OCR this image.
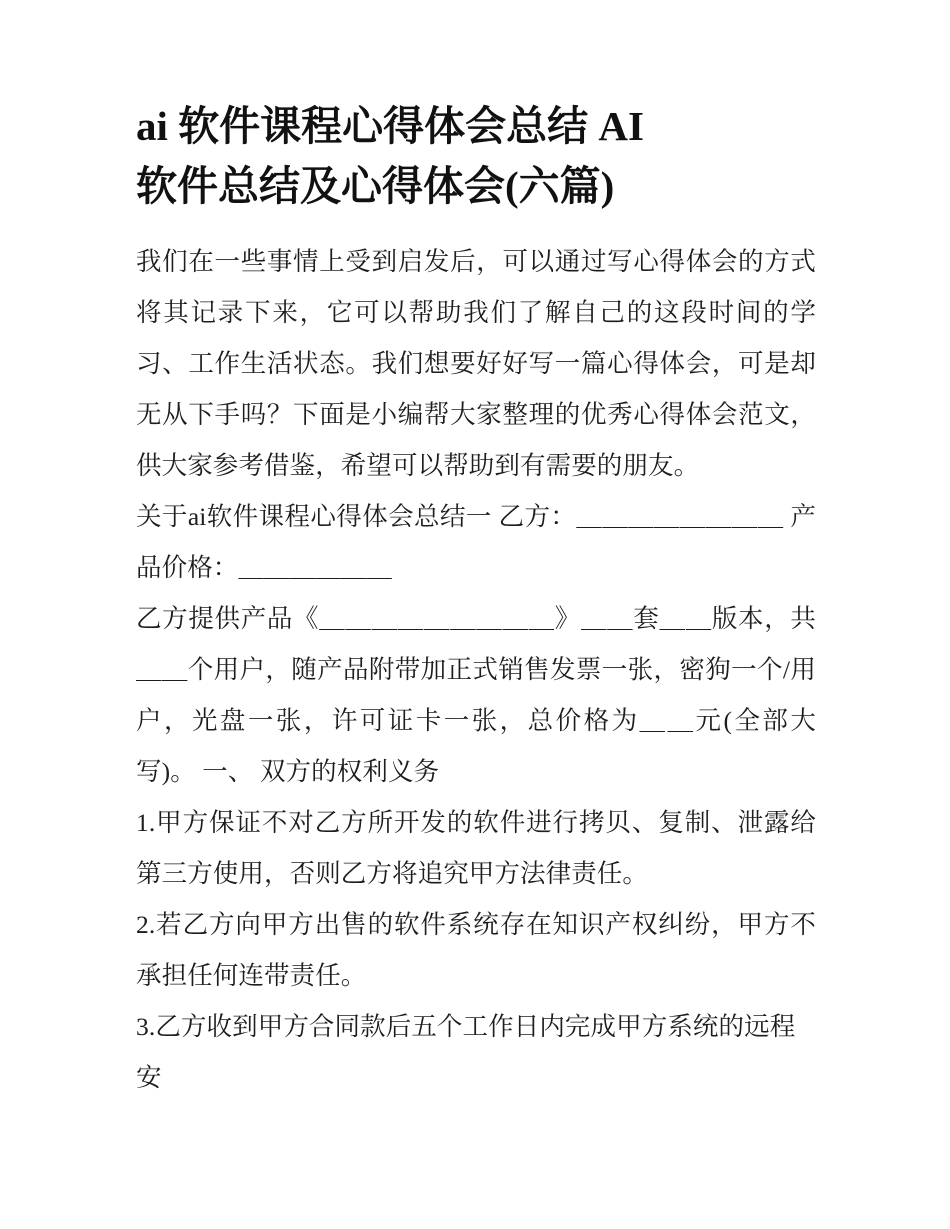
ai 软件课程心得体会总结 AI
软件总结及心得体会(六篇)

我们在一些事情上受到启发后，可以通过写心得体会的方式将其记录下来，它可以帮助我们了解自己的这段时间的学习、工作生活状态。我们想要好好写一篇心得体会，可是却无从下手吗？下面是小编帮大家整理的优秀心得体会范文，供大家参考借鉴，希望可以帮助到有需要的朋友。

关于ai软件课程心得体会总结一 乙方：＿＿＿＿＿＿＿＿ 产品价格：＿＿＿＿＿＿

乙方提供产品《＿＿＿＿＿＿＿＿＿》＿＿套＿＿版本，共＿＿个用户，随产品附带加正式销售发票一张，密狗一个/用户，光盘一张，许可证卡一张，总价格为＿＿元(全部大写)。 一、 双方的权利义务

1.甲方保证不对乙方所开发的软件进行拷贝、复制、泄露给第三方使用，否则乙方将追究甲方法律责任。

2.若乙方向甲方出售的软件系统存在知识产权纠纷，甲方不承担任何连带责任。

3.乙方收到甲方合同款后五个工作日内完成甲方系统的远程安
